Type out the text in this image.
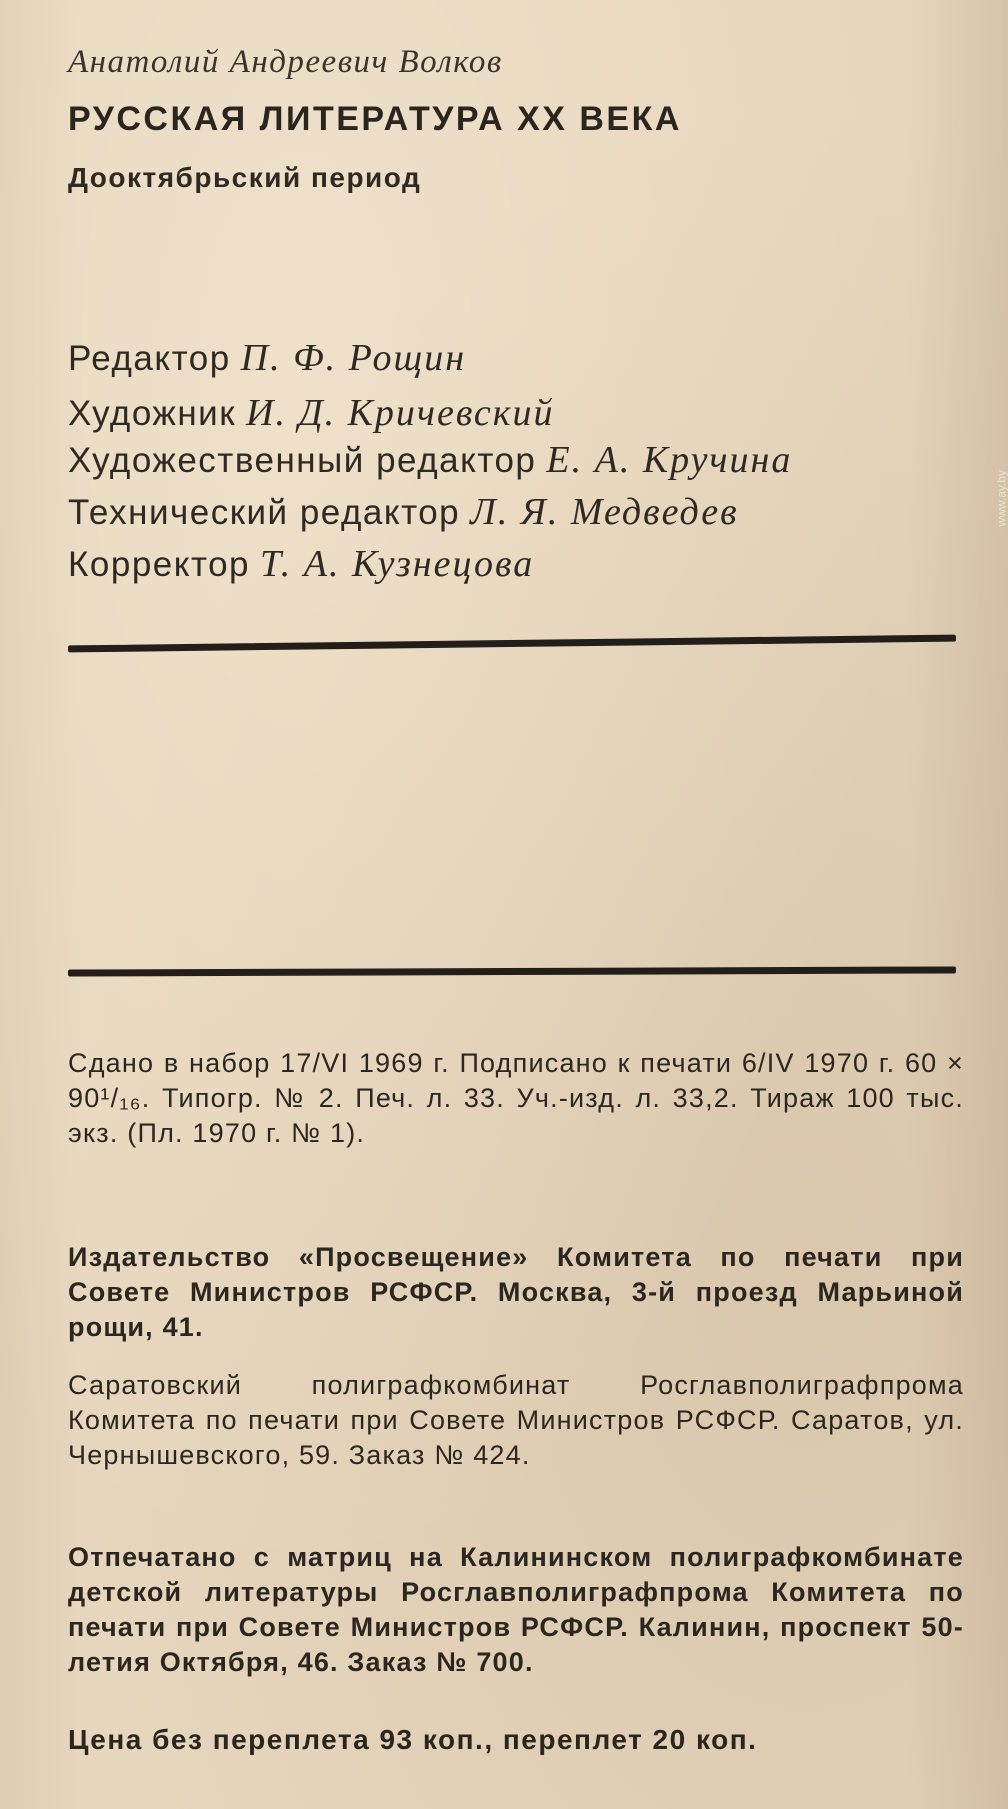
Анатолий Андреевич Волков
РУССКАЯ ЛИТЕРАТУРА XX ВЕКА
Дооктябрьский период
Редактор П. Ф. Рощин
Художник И. Д. Кричевский
Художественный редактор Е. А. Кручина
Технический редактор Л. Я. Медведев
Корректор Т. А. Кузнецова
Сдано в набор 17/VI 1969 г. Подписано к печати 6/IV 1970 г. 60 × 90¹/₁₆. Типогр. № 2. Печ. л. 33. Уч.-изд. л. 33,2. Тираж 100 тыс. экз. (Пл. 1970 г. № 1).
Издательство «Просвещение» Комитета по печати при Совете Министров РСФСР. Москва, 3-й проезд Марьиной рощи, 41.
Саратовский полиграфкомбинат Росглавполиграфпрома Комитета по печати при Совете Министров РСФСР. Саратов, ул. Чернышевского, 59. Заказ № 424.
Отпечатано с матриц на Калининском полиграфкомбинате детской литературы Росглавполиграфпрома Комитета по печати при Совете Министров РСФСР. Калинин, проспект 50-летия Октября, 46. Заказ № 700.
Цена без переплета 93 коп., переплет 20 коп.
www.ay.by
